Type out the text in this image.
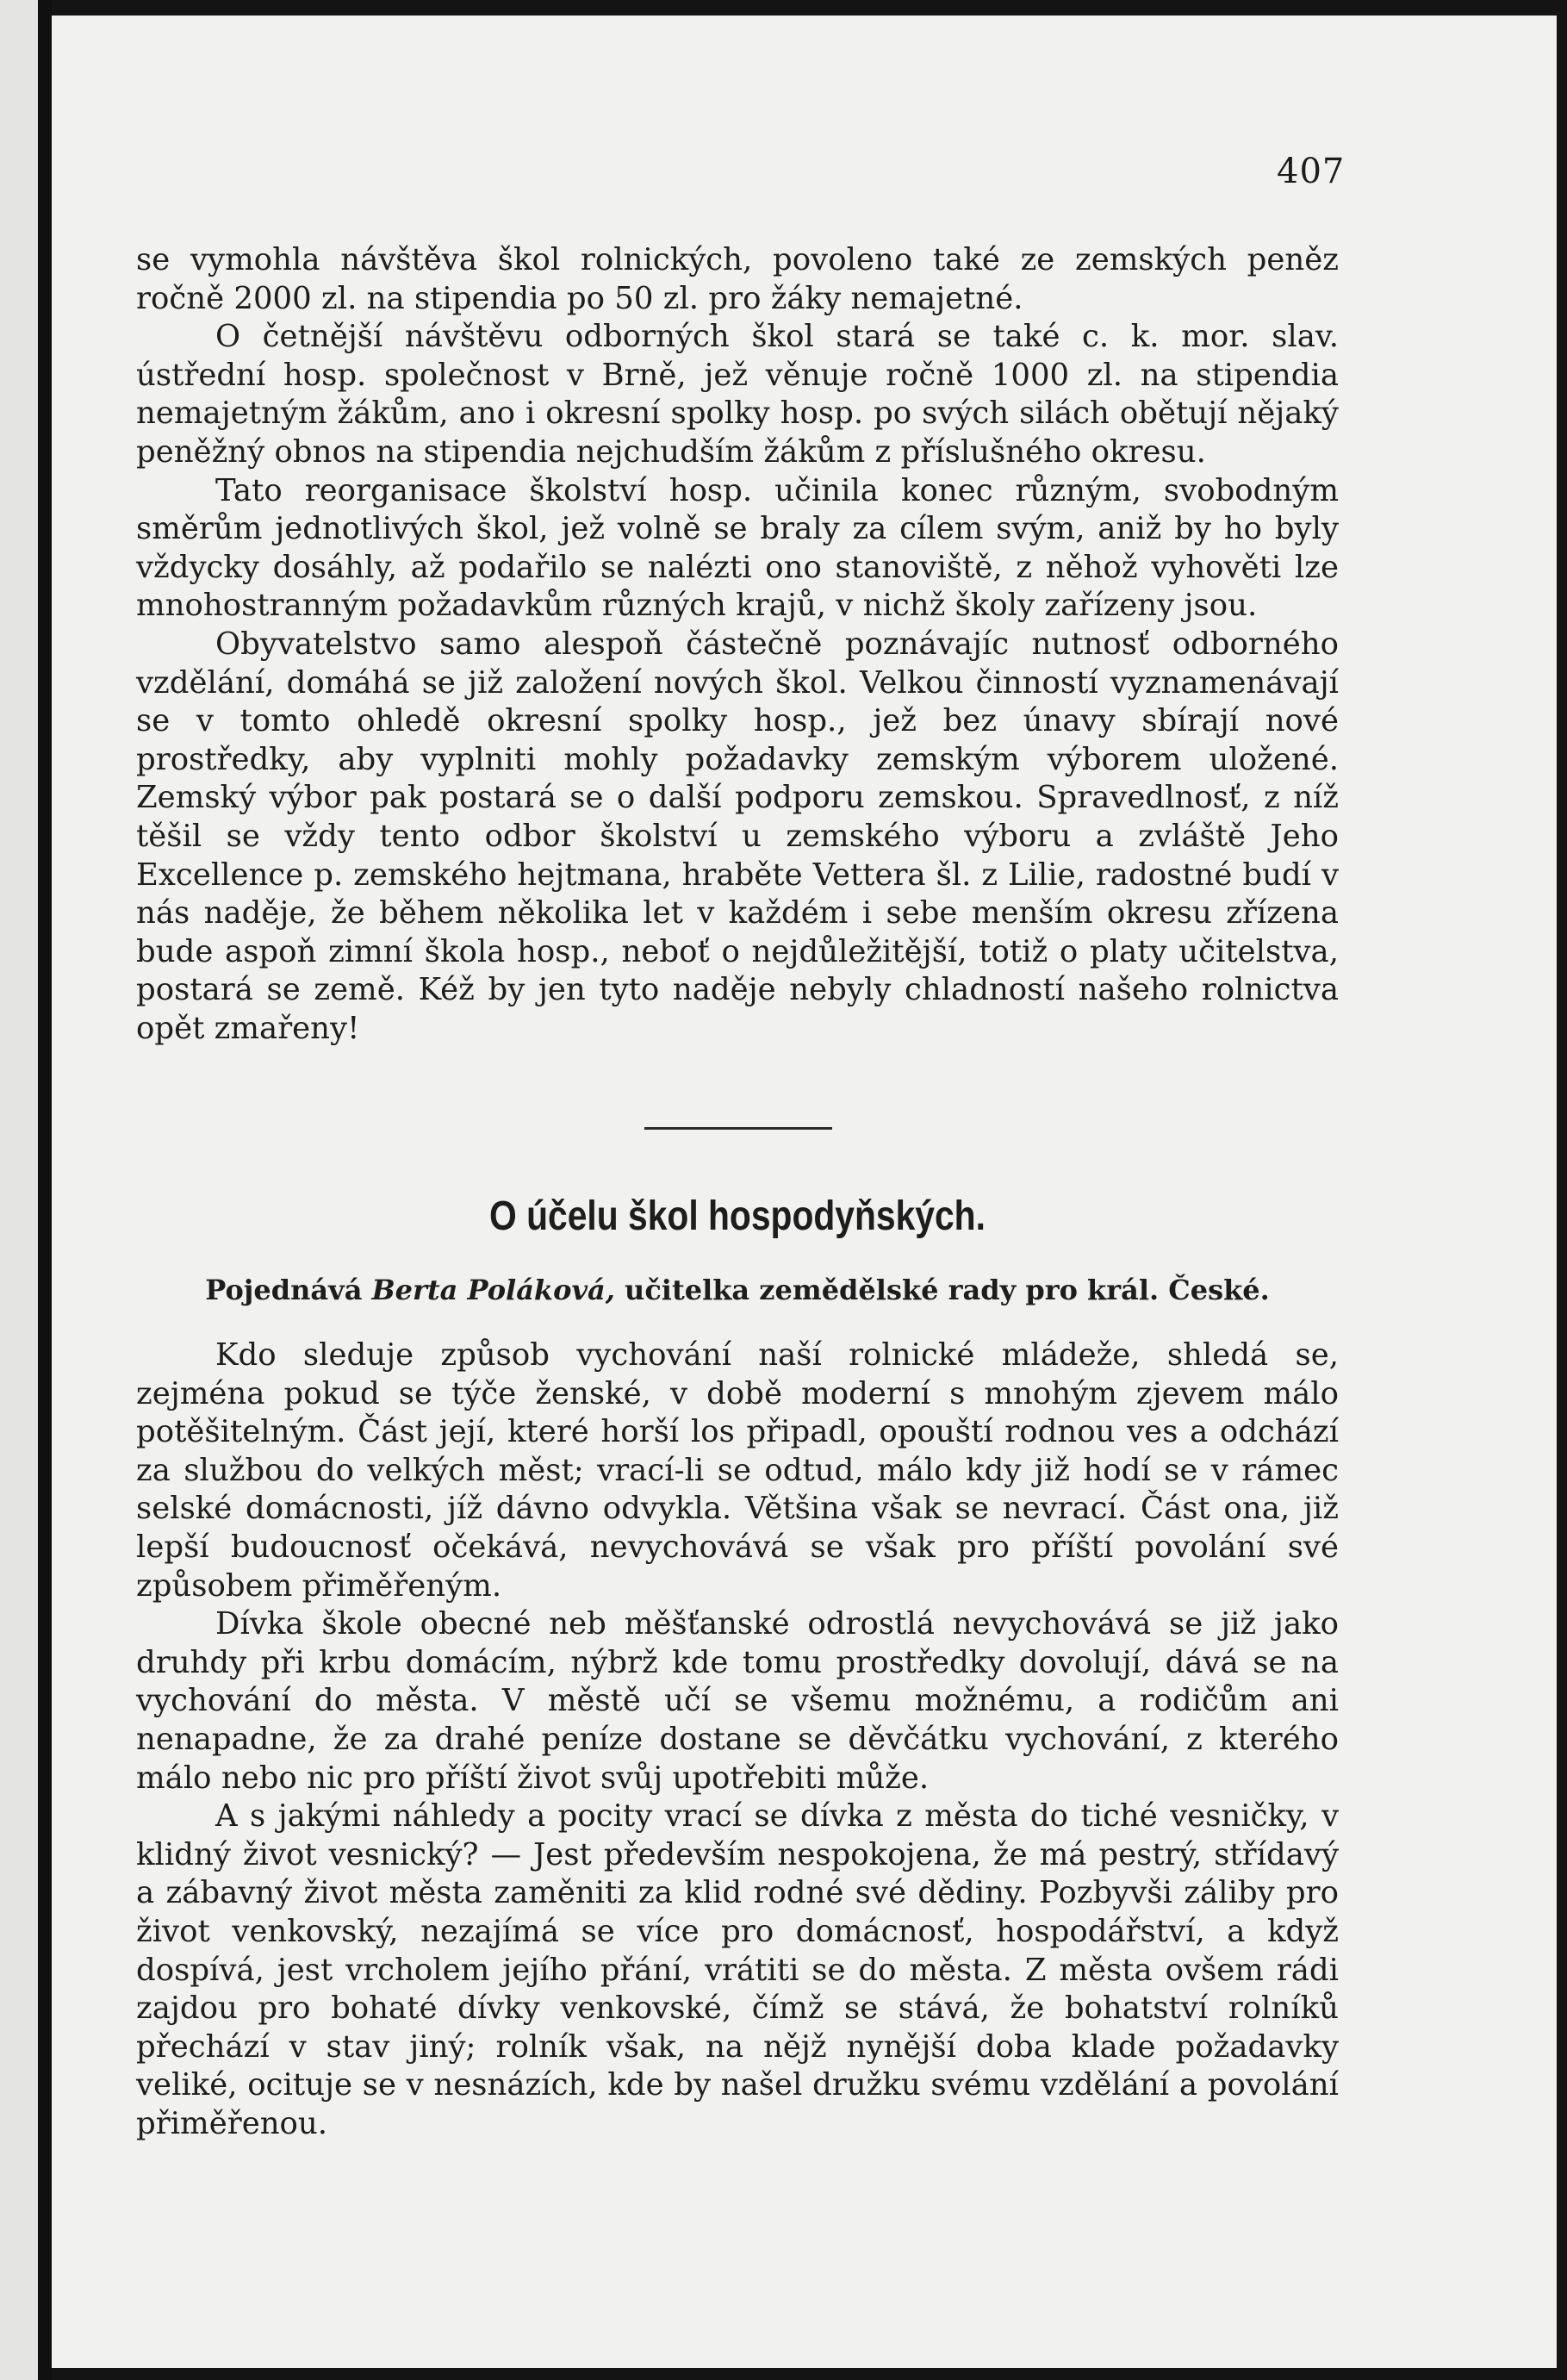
407

se vymohla návštěva škol rolnických, povoleno také ze zemských peněz ročně 2000 zl. na stipendia po 50 zl. pro žáky nemajetné.

O četnější návštěvu odborných škol stará se také c. k. mor. slav. ústřední hosp. společnost v Brně, jež věnuje ročně 1000 zl. na stipendia nemajetným žákům, ano i okresní spolky hosp. po svých silách obětují nějaký peněžný obnos na stipendia nejchudším žákům z příslušného okresu.

Tato reorganisace školství hosp. učinila konec různým, svobodným směrům jednotlivých škol, jež volně se braly za cílem svým, aniž by ho byly vždycky dosáhly, až podařilo se nalézti ono stanoviště, z něhož vyhověti lze mnohostranným požadavkům různých krajů, v nichž školy zařízeny jsou.

Obyvatelstvo samo alespoň částečně poznávajíc nutnosť odborného vzdělání, domáhá se již založení nových škol. Velkou činností vyznamenávají se v tomto ohledě okresní spolky hosp., jež bez únavy sbírají nové prostředky, aby vyplniti mohly požadavky zemským výborem uložené. Zemský výbor pak postará se o další podporu zemskou. Spravedlnosť, z níž těšil se vždy tento odbor školství u zemského výboru a zvláště Jeho Excellence p. zemského hejtmana, hraběte Vettera šl. z Lilie, radostné budí v nás naděje, že během několika let v každém i sebe menším okresu zřízena bude aspoň zimní škola hosp., neboť o nejdůležitější, totiž o platy učitelstva, postará se země. Kéž by jen tyto naděje nebyly chladností našeho rolnictva opět zmařeny!

O účelu škol hospodyňských.
Pojednává Berta Poláková, učitelka zemědělské rady pro král. České.

Kdo sleduje způsob vychování naší rolnické mládeže, shledá se, zejména pokud se týče ženské, v době moderní s mnohým zjevem málo potěšitelným. Část její, které horší los připadl, opouští rodnou ves a odchází za službou do velkých měst; vrací-li se odtud, málo kdy již hodí se v rámec selské domácnosti, jíž dávno odvykla. Většina však se nevrací. Část ona, již lepší budoucnosť očekává, nevychovává se však pro příští povolání své způsobem přiměřeným.

Dívka škole obecné neb měšťanské odrostlá nevychovává se již jako druhdy při krbu domácím, nýbrž kde tomu prostředky dovolují, dává se na vychování do města. V městě učí se všemu možnému, a rodičům ani nenapadne, že za drahé peníze dostane se děvčátku vychování, z kterého málo nebo nic pro příští život svůj upotřebiti může.

A s jakými náhledy a pocity vrací se dívka z města do tiché vesničky, v klidný život vesnický? — Jest především nespokojena, že má pestrý, střídavý a zábavný život města zaměniti za klid rodné své dědiny. Pozbyvši záliby pro život venkovský, nezajímá se více pro domácnosť, hospodářství, a když dospívá, jest vrcholem jejího přání, vrátiti se do města. Z města ovšem rádi zajdou pro bohaté dívky venkovské, čímž se stává, že bohatství rolníků přechází v stav jiný; rolník však, na nějž nynější doba klade požadavky veliké, ocituje se v nesnázích, kde by našel družku svému vzdělání a povolání přiměřenou.
